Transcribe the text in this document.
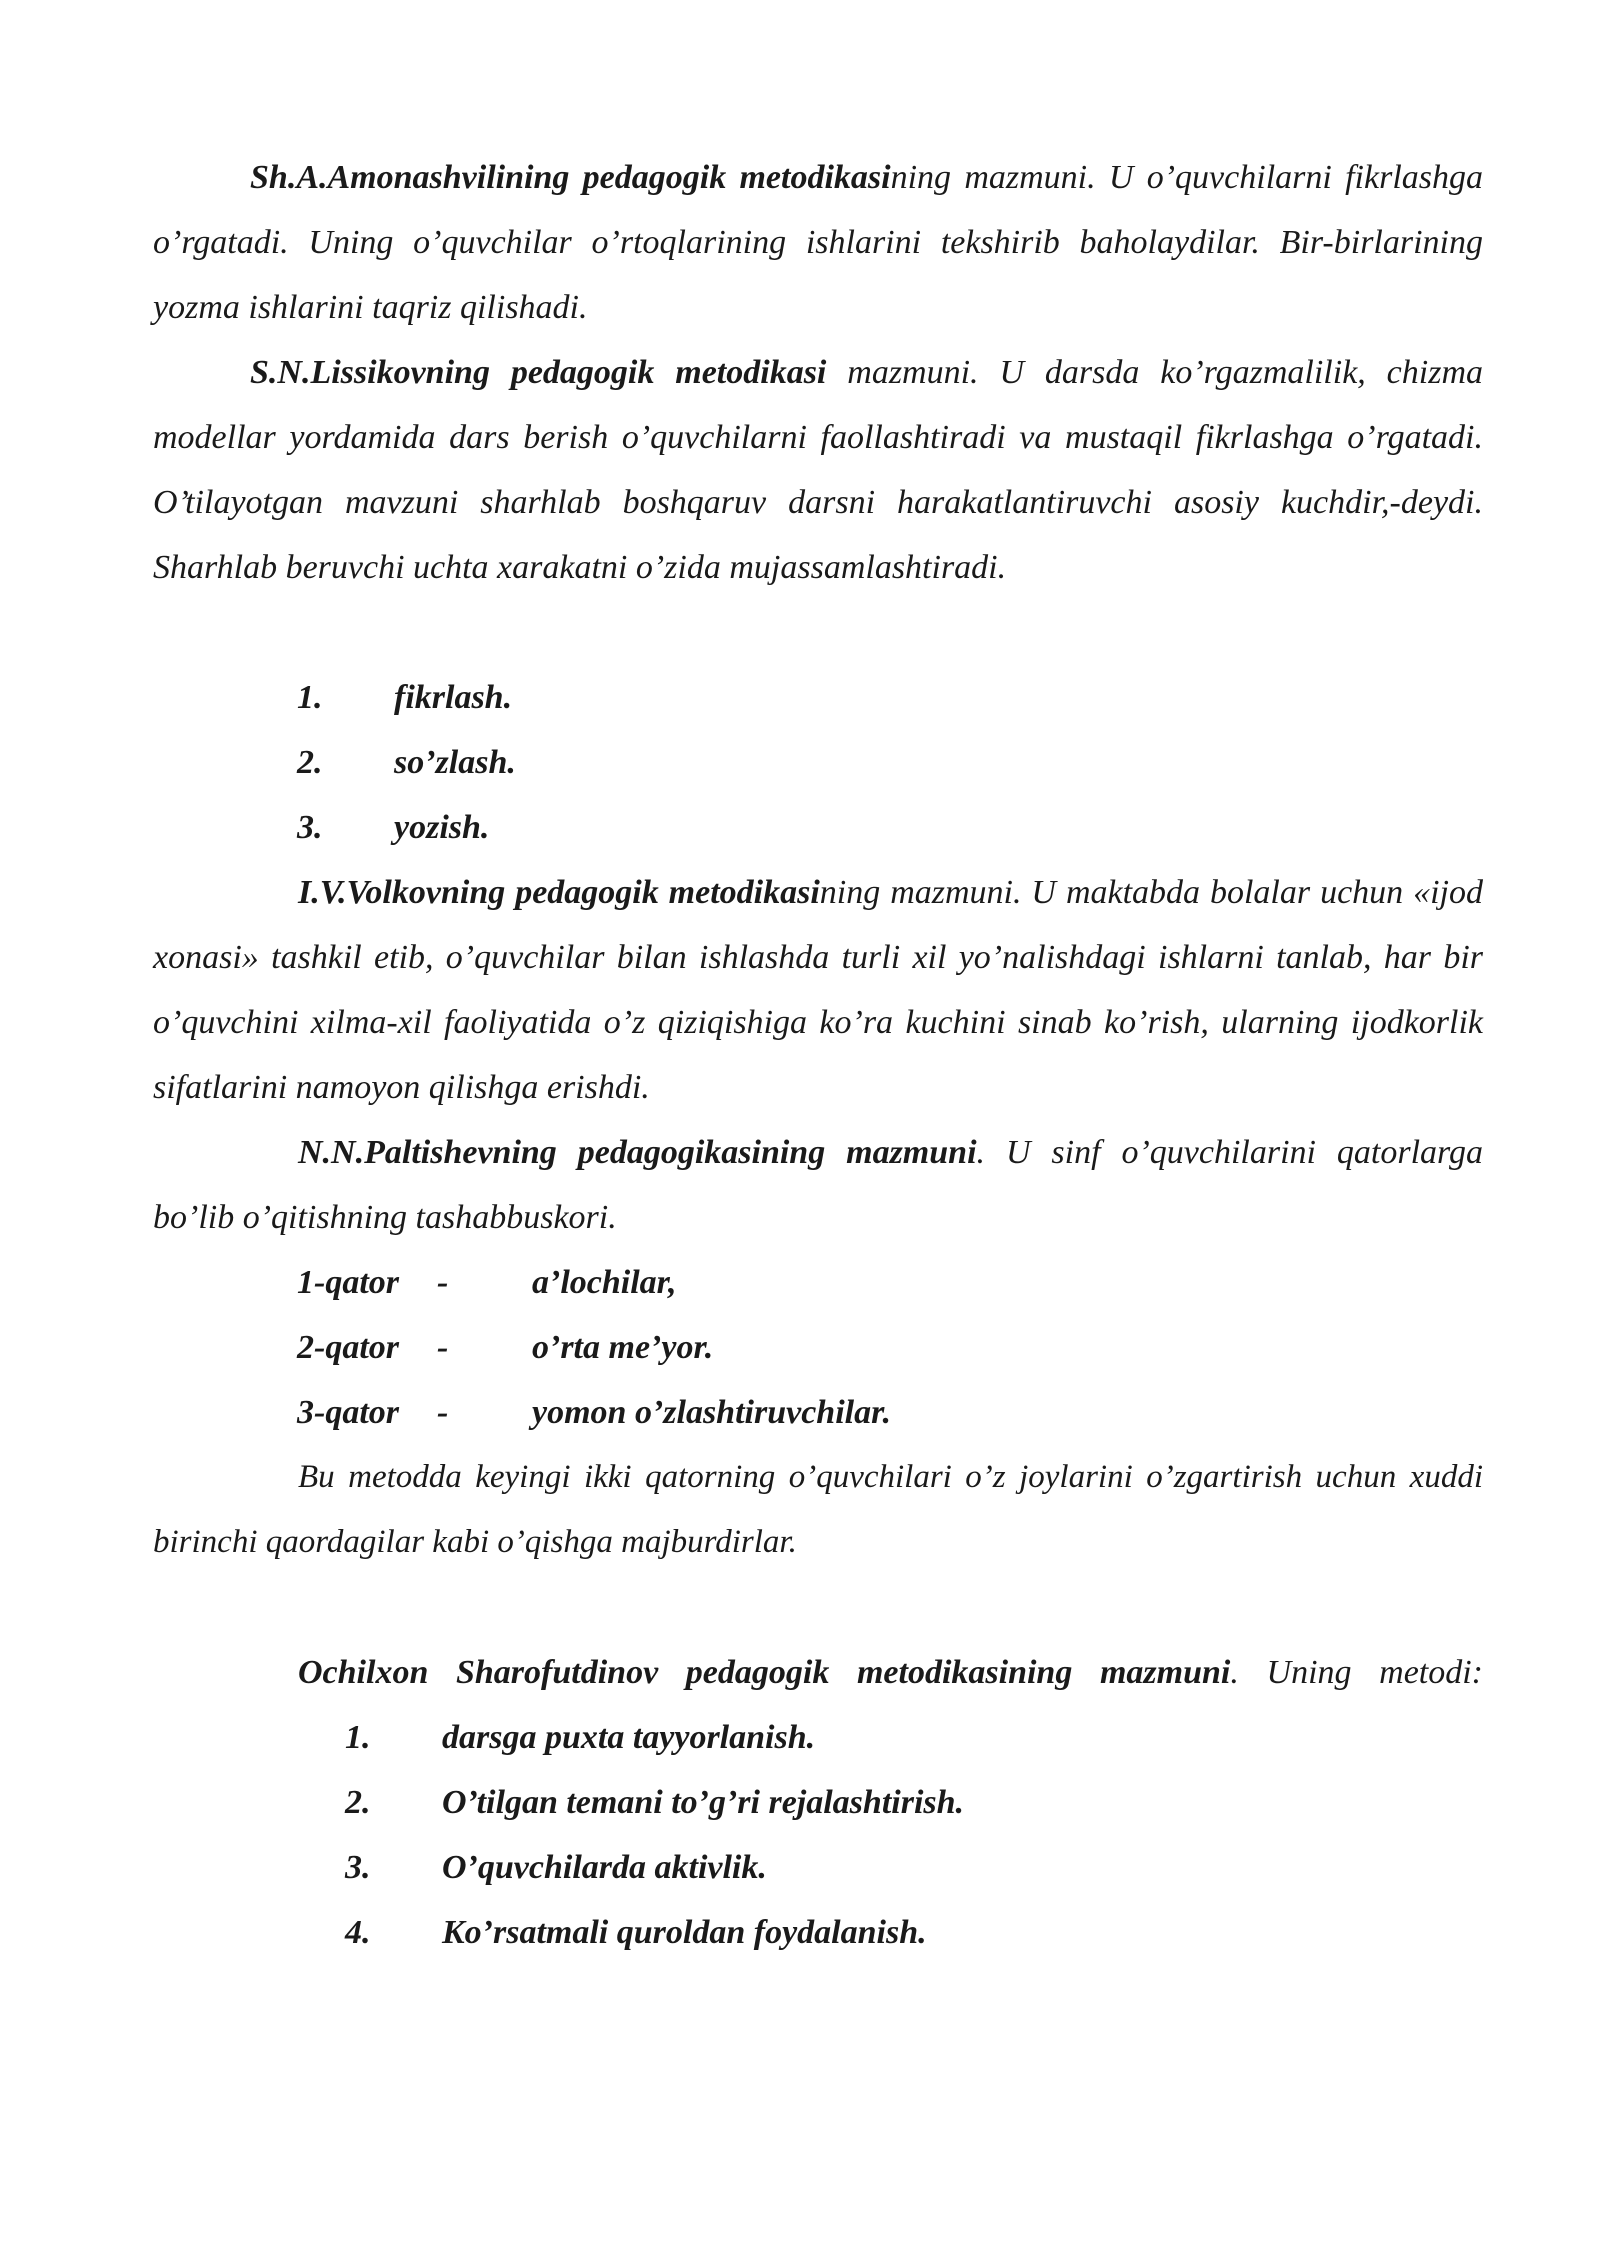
Sh.A.Amonashvilining pedagogik metodikasining mazmuni. U o’quvchilarni fikrlashga o’rgatadi. Uning o’quvchilar o’rtoqlarining ishlarini tekshirib baholaydilar. Bir-birlarining yozma ishlarini taqriz qilishadi.

S.N.Lissikovning pedagogik metodikasi mazmuni. U darsda ko’rgazmalilik, chizma modellar yordamida dars berish o’quvchilarni faollashtiradi va mustaqil fikrlashga o’rgatadi. O’tilayotgan mavzuni sharhlab boshqaruv darsni harakatlantiruvchi asosiy kuchdir,-deydi. Sharhlab beruvchi uchta xarakatni o’zida mujassamlashtiradi.

1. fikrlash.
2. so’zlash.
3. yozish.

I.V.Volkovning pedagogik metodikasining mazmuni. U maktabda bolalar uchun «ijod xonasi» tashkil etib, o’quvchilar bilan ishlashda turli xil yo’nalishdagi ishlarni tanlab, har bir o’quvchini xilma-xil faoliyatida o’z qiziqishiga ko’ra kuchini sinab ko’rish, ularning ijodkorlik sifatlarini namoyon qilishga erishdi.

N.N.Paltishevning pedagogikasining mazmuni. U sinf o’quvchilarini qatorlarga bo’lib o’qitishning tashabbuskori.

1-qator - a’lochilar,
2-qator - o’rta me’yor.
3-qator - yomon o’zlashtiruvchilar.

Bu metodda keyingi ikki qatorning o’quvchilari o’z joylarini o’zgartirish uchun xuddi birinchi qaordagilar kabi o’qishga majburdirlar.

Ochilxon Sharofutdinov pedagogik metodikasining mazmuni. Uning metodi:

1. darsga puxta tayyorlanish.
2. O’tilgan temani to’g’ri rejalashtirish.
3. O’quvchilarda aktivlik.
4. Ko’rsatmali quroldan foydalanish.
